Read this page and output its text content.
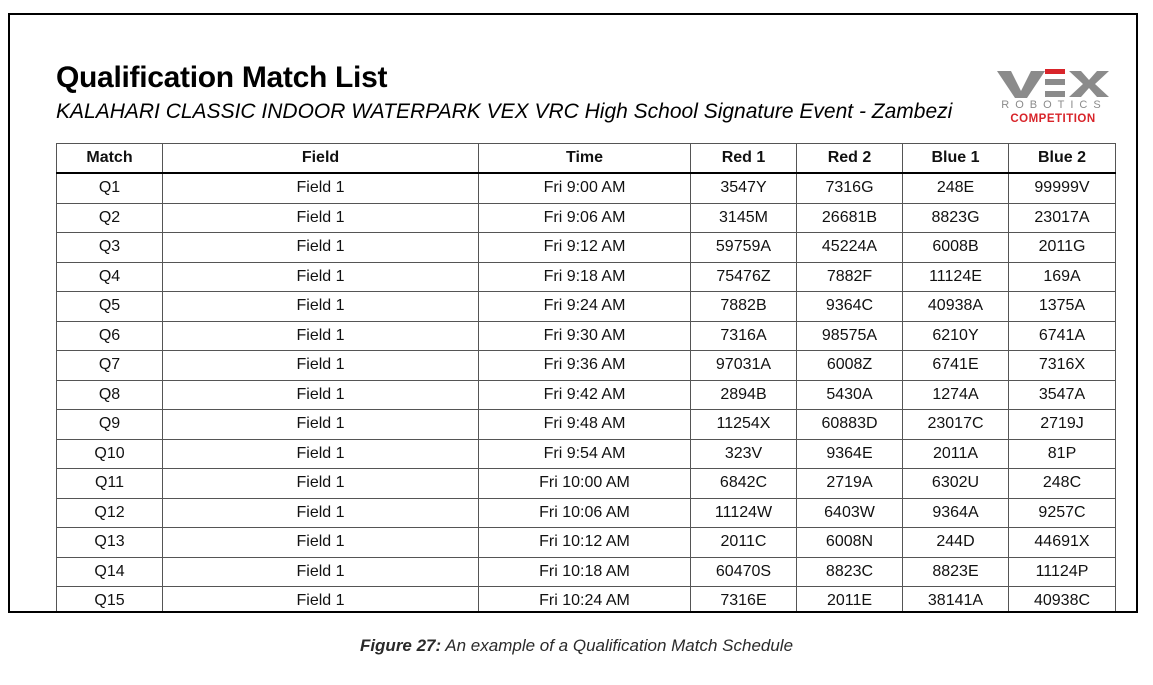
Qualification Match List
KALAHARI CLASSIC INDOOR WATERPARK VEX VRC High School Signature Event - Zambezi	ROBOTICS
COMPETITION
Match	Field	Time	Red 1	Red 2	Blue 1	Blue 2
Q1	Field 1	Fri 9:00 AM	3547Y	7316G	248E	99999V
Q2	Field 1	Fri 9:06 AM	3145M	26681B	8823G	23017A
Q3	Field 1	Fri 9:12 AM	59759A	45224A	6008B	2011G
Q4	Field 1	Fri 9:18 AM	75476Z	7882F	11124E	169A
Q5	Field 1	Fri 9:24 AM	7882B	9364C	40938A	1375A
Q6	Field 1	Fri 9:30 AM	7316A	98575A	6210Y	6741A
Q7	Field 1	Fri 9:36 AM	97031A	6008Z	6741E	7316X
Q8	Field 1	Fri 9:42 AM	2894B	5430A	1274A	3547A
Q9	Field 1	Fri 9:48 AM	11254X	60883D	23017C	2719J
Q10	Field 1	Fri 9:54 AM	323V	9364E	2011A	81P
Q11	Field 1	Fri 10:00 AM	6842C	2719A	6302U	248C
Q12	Field 1	Fri 10:06 AM	11124W	6403W	9364A	9257C
Q13	Field 1	Fri 10:12 AM	2011C	6008N	244D	44691X
Q14	Field 1	Fri 10:18 AM	60470S	8823C	8823E	11124P
Q15	Field 1	Fri 10:24 AM	7316E	2011E	38141A	40938C
Figure 27: An example of a Qualification Match Schedule
